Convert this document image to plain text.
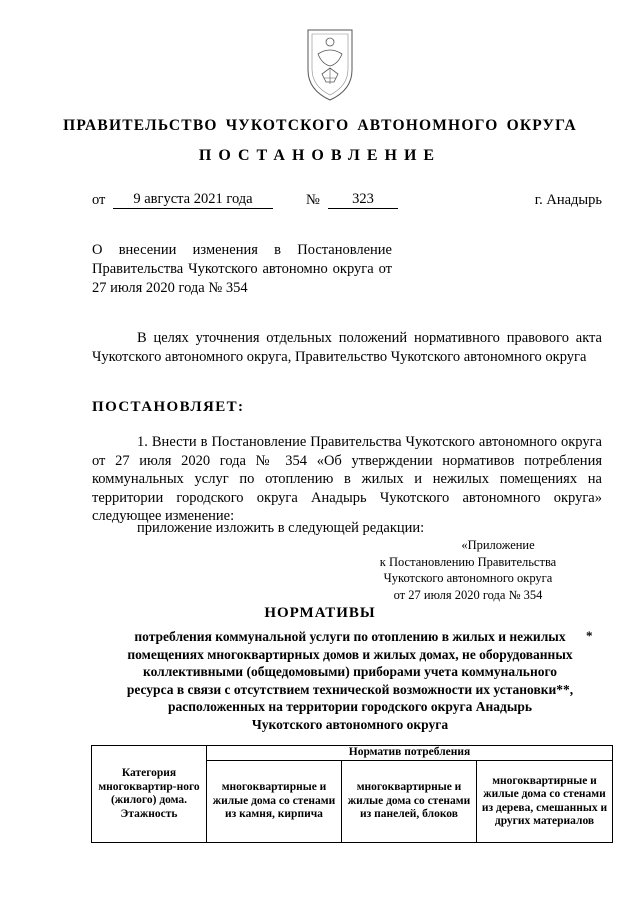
ПРАВИТЕЛЬСТВО ЧУКОТСКОГО АВТОНОМНОГО ОКРУГА
ПОСТАНОВЛЕНИЕ
от	9 августа 2021 года	№	323	г. Анадырь
О внесении изменения в Постановление Правительства Чукотского автономно округа от 27 июля 2020 года № 354
В целях уточнения отдельных положений нормативного правового акта Чукотского автономного округа, Правительство Чукотского автономного округа
ПОСТАНОВЛЯЕТ:
1. Внести в Постановление Правительства Чукотского автономного округа от 27 июля 2020 года № 354 «Об утверждении нормативов потребления коммунальных услуг по отоплению в жилых и нежилых помещениях на территории городского округа Анадырь Чукотского автономного округа» следующее изменение:
приложение изложить в следующей редакции:
«Приложение
к Постановлению Правительства
Чукотского автономного округа
от 27 июля 2020 года № 354
НОРМАТИВЫ
потребления коммунальной услуги по отоплению в жилых и нежилых
помещениях многоквартирных домов и жилых домах, не оборудованных
коллективными (общедомовыми) приборами учета коммунального
ресурса в связи с отсутствием технической возможности их установки**,
расположенных на территории городского округа Анадырь
Чукотского автономного округа
*
Категория многоквартир-ного (жилого) дома. Этажность	Норматив потребления		
	многоквартирные и жилые дома со стенами из камня, кирпича	многоквартирные и жилые дома со стенами из панелей, блоков	многоквартирные и жилые дома со стенами из дерева, смешанных и других материалов
